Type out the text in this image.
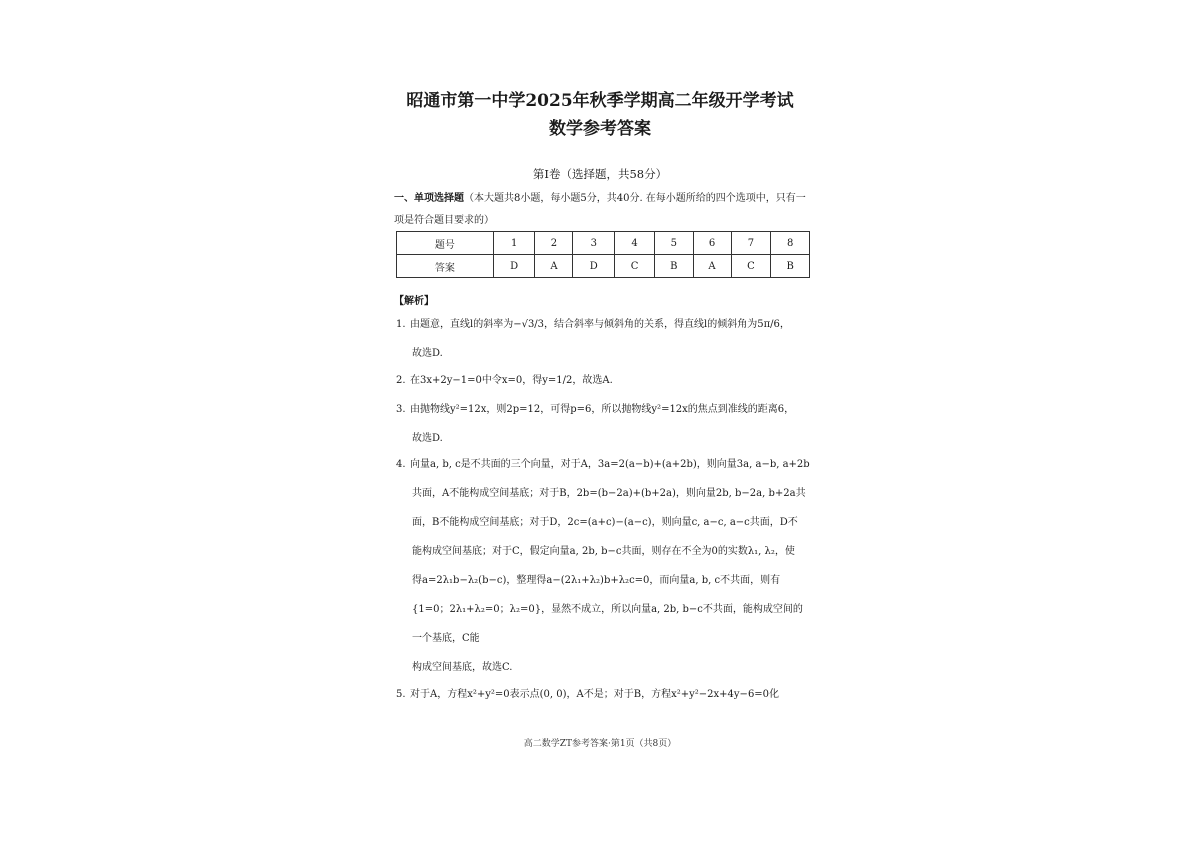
昭通市第一中学2025年秋季学期高二年级开学考试
数学参考答案
第Ⅰ卷（选择题，共58分）
一、单项选择题（本大题共8小题，每小题5分，共40分. 在每小题所给的四个选项中，只有一项是符合题目要求的）
题号	1	2	3	4	5	6	7	8
答案	D	A	D	C	B	A	C	B
【解析】
1. 由题意，直线l的斜率为−√3/3，结合斜率与倾斜角的关系，得直线l的倾斜角为5π/6，
故选D.
2. 在3x+2y−1=0中令x=0，得y=1/2，故选A.
3. 由抛物线y²=12x，则2p=12，可得p=6，所以抛物线y²=12x的焦点到准线的距离6，
故选D.
4. 向量a, b, c是不共面的三个向量，对于A，3a=2(a−b)+(a+2b)，则向量3a, a−b, a+2b
共面，A不能构成空间基底；对于B，2b=(b−2a)+(b+2a)，则向量2b, b−2a, b+2a共
面，B不能构成空间基底；对于D，2c=(a+c)−(a−c)，则向量c, a−c, a−c共面，D不
能构成空间基底；对于C，假定向量a, 2b, b−c共面，则存在不全为0的实数λ₁, λ₂，使
得a=2λ₁b−λ₂(b−c)，整理得a−(2λ₁+λ₂)b+λ₂c=0，而向量a, b, c不共面，则有
{1=0；2λ₁+λ₂=0；λ₂=0}，显然不成立，所以向量a, 2b, b−c不共面，能构成空间的一个基底，C能
构成空间基底，故选C.
5. 对于A，方程x²+y²=0表示点(0, 0)，A不是；对于B，方程x²+y²−2x+4y−6=0化
高二数学ZT参考答案·第1页（共8页）
